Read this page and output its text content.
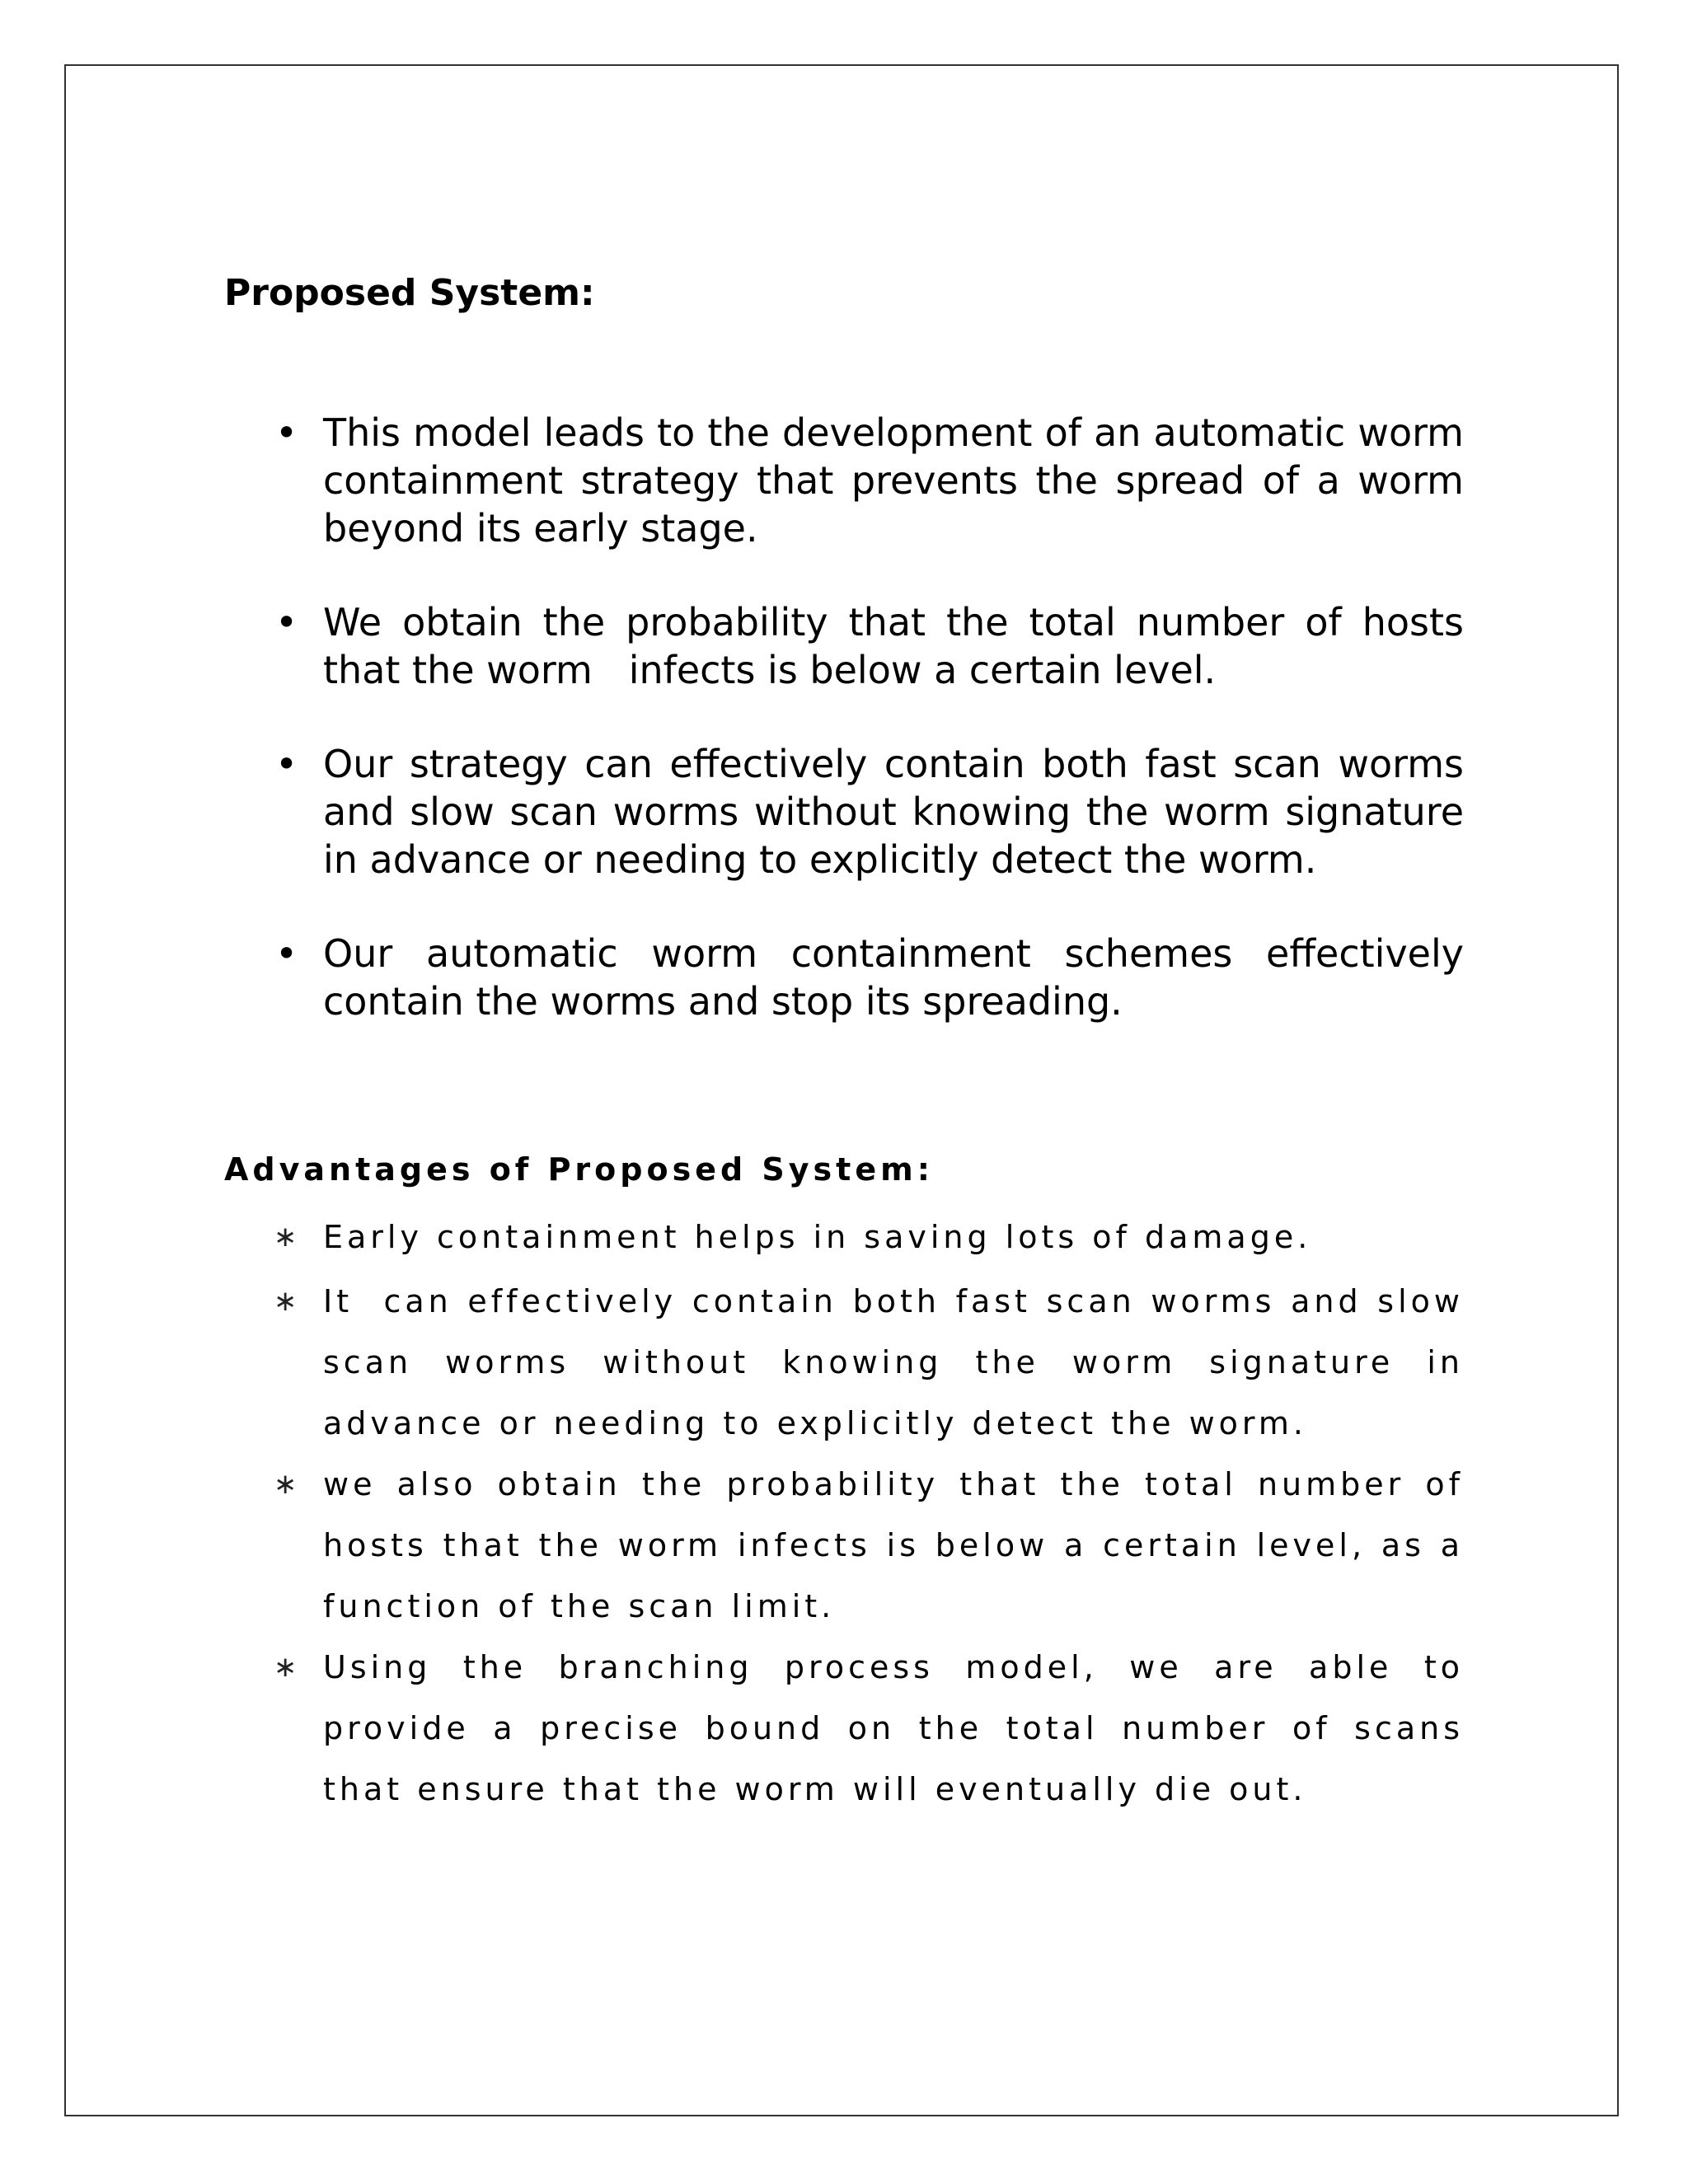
Proposed System:
• This model leads to the development of an automatic worm containment strategy that prevents the spread of a worm beyond its early stage.
• We obtain the probability that the total number of hosts that the worm   infects is below a certain level.
• Our strategy can effectively contain both fast scan worms and slow scan worms without knowing the worm signature in advance or needing to explicitly detect the worm.
• Our automatic worm containment schemes effectively contain the worms and stop its spreading.
Advantages of Proposed System:
∗ Early containment helps in saving lots of damage.
∗ It  can effectively contain both fast scan worms and slow scan worms without knowing the worm signature in advance or needing to explicitly detect the worm.
∗ we also obtain the probability that the total number of hosts that the worm infects is below a certain level, as a function of the scan limit.
∗ Using the branching process model, we are able to provide a precise bound on the total number of scans that ensure that the worm will eventually die out.
